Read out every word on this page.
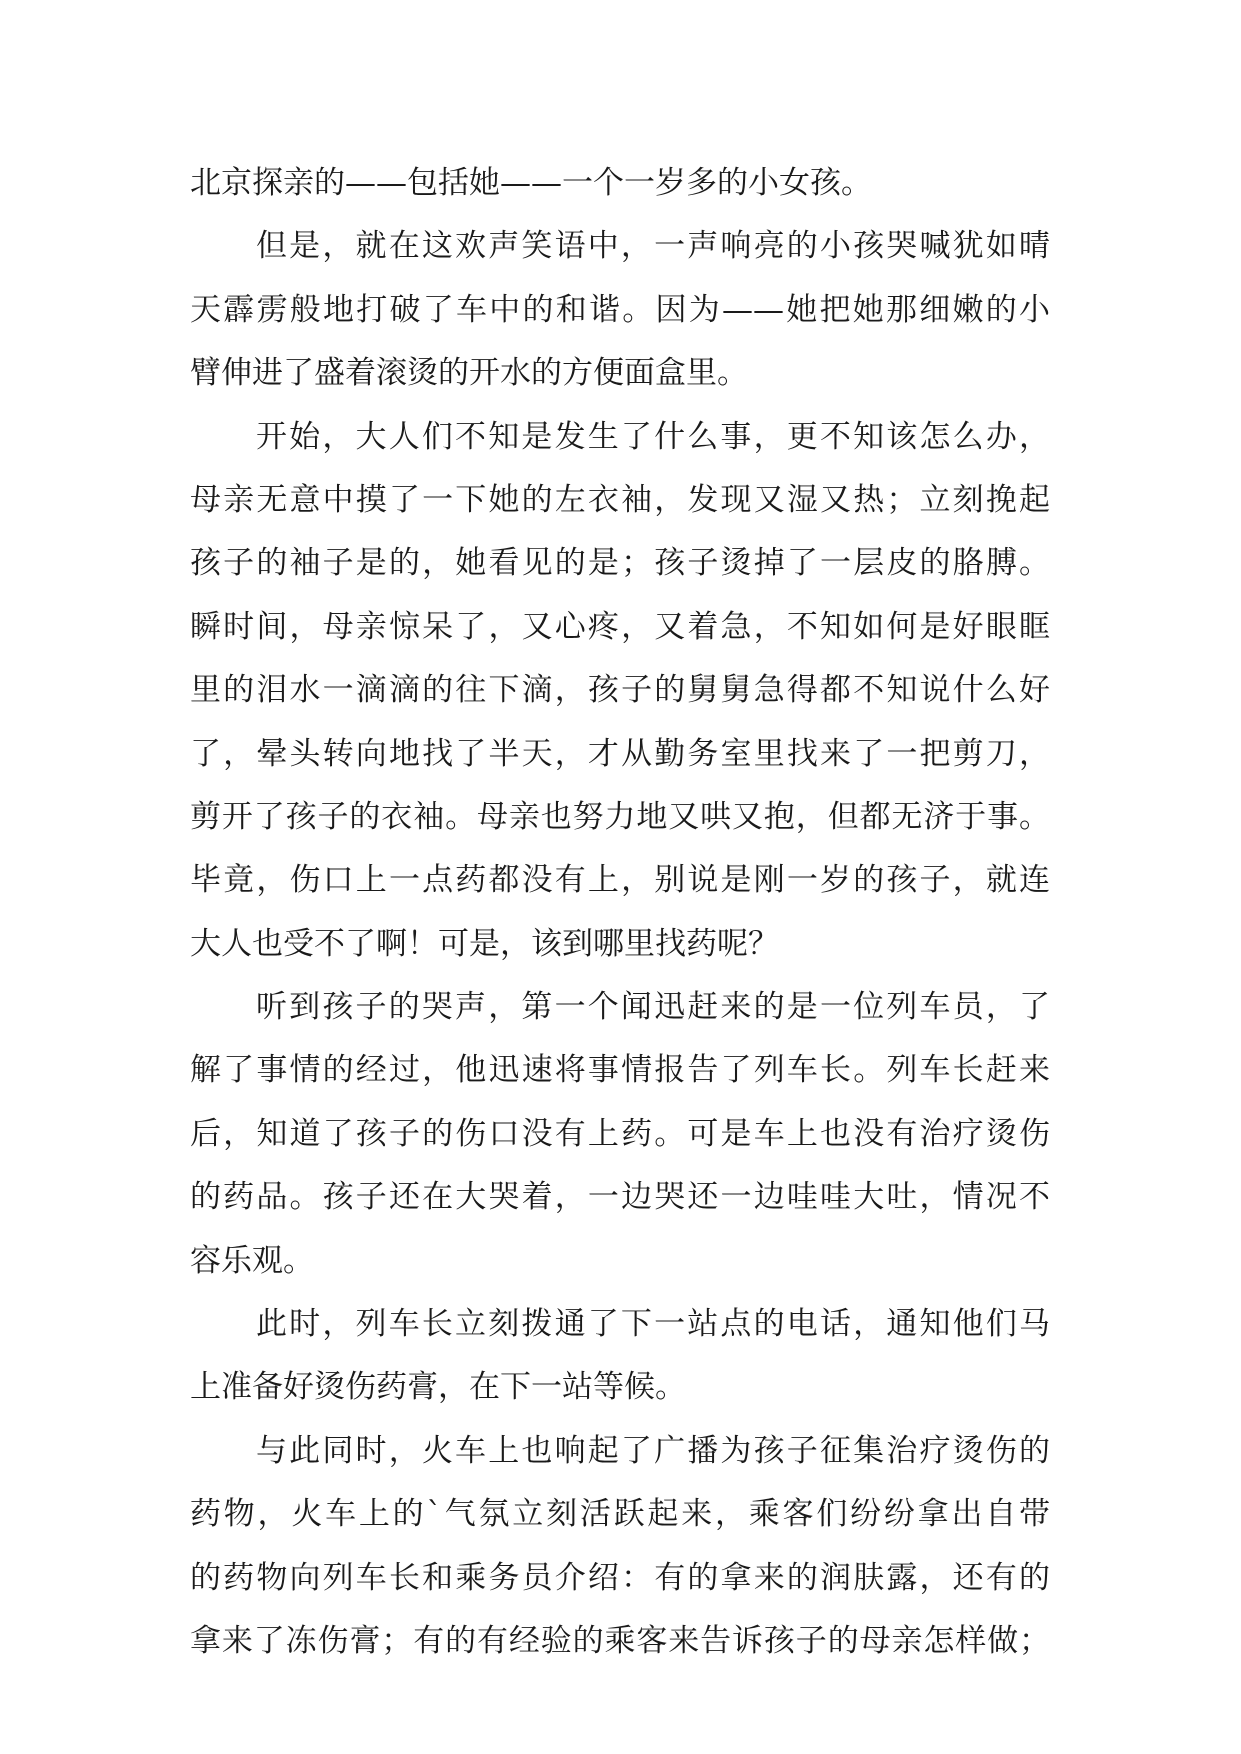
北京探亲的——包括她——一个一岁多的小女孩。
但是，就在这欢声笑语中，一声响亮的小孩哭喊犹如晴
天霹雳般地打破了车中的和谐。因为——她把她那细嫩的小
臂伸进了盛着滚烫的开水的方便面盒里。
开始，大人们不知是发生了什么事，更不知该怎么办，
母亲无意中摸了一下她的左衣袖，发现又湿又热；立刻挽起
孩子的袖子是的，她看见的是；孩子烫掉了一层皮的胳膊。
瞬时间，母亲惊呆了，又心疼，又着急，不知如何是好眼眶
里的泪水一滴滴的往下滴，孩子的舅舅急得都不知说什么好
了，晕头转向地找了半天，才从勤务室里找来了一把剪刀，
剪开了孩子的衣袖。母亲也努力地又哄又抱，但都无济于事。
毕竟，伤口上一点药都没有上，别说是刚一岁的孩子，就连
大人也受不了啊！可是，该到哪里找药呢？
听到孩子的哭声，第一个闻迅赶来的是一位列车员，了
解了事情的经过，他迅速将事情报告了列车长。列车长赶来
后，知道了孩子的伤口没有上药。可是车上也没有治疗烫伤
的药品。孩子还在大哭着，一边哭还一边哇哇大吐，情况不
容乐观。
此时，列车长立刻拨通了下一站点的电话，通知他们马
上准备好烫伤药膏，在下一站等候。
与此同时，火车上也响起了广播为孩子征集治疗烫伤的
药物，火车上的`气氛立刻活跃起来，乘客们纷纷拿出自带
的药物向列车长和乘务员介绍：有的拿来的润肤露，还有的
拿来了冻伤膏；有的有经验的乘客来告诉孩子的母亲怎样做；
